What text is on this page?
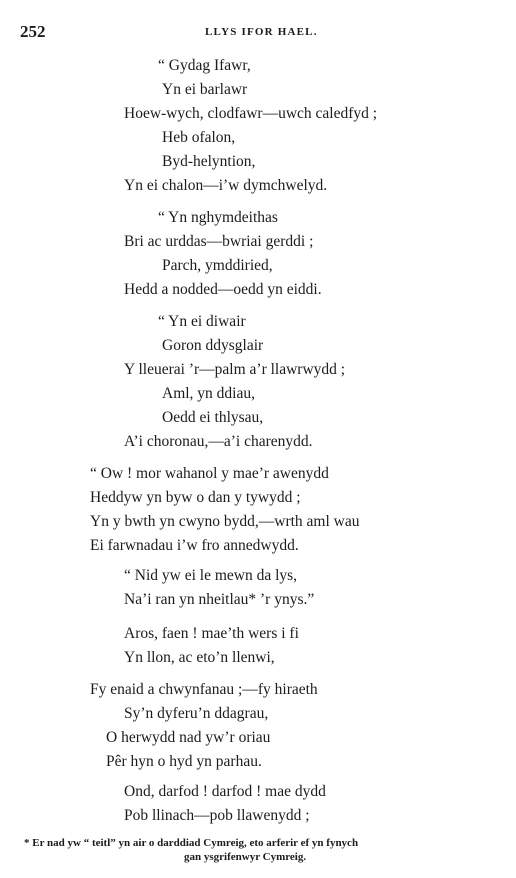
252	LLYS IFOR HAEL.
“ Gydag Ifawr,
Yn ei barlawr
Hoew-wych, clodfawr—uwch caledfyd ;
Heb ofalon,
Byd-helyntion,
Yn ei chalon—i’w dymchwelyd.
“ Yn nghymdeithas
Bri ac urddas—bwriai gerddi ;
Parch, ymddiried,
Hedd a nodded—oedd yn eiddi.
“ Yn ei diwair
Goron ddysglair
Y lleuerai ’r—palm a’r llawrwydd ;
Aml, yn ddiau,
Oedd ei thlysau,
A’i choronau,—a’i charenydd.
“ Ow ! mor wahanol y mae’r awenydd
Heddyw yn byw o dan y tywydd ;
Yn y bwth yn cwyno bydd,—wrth aml wau
Ei farwnadau i’w fro annedwydd.
“ Nid yw ei le mewn da lys,
Na’i ran yn nheitlau* ’r ynys.”
Aros, faen ! mae’th wers i fi
Yn llon, ac eto’n llenwi,
Fy enaid a chwynfanau ;—fy hiraeth
Sy’n dyferu’n ddagrau,
O herwydd nad yw’r oriau
Pêr hyn o hyd yn parhau.
Ond, darfod ! darfod ! mae dydd
Pob llinach—pob llawenydd ;
* Er nad yw “ teitl” yn air o darddiad Cymreig, eto arferir ef yn fynych
gan ysgrifenwyr Cymreig.
